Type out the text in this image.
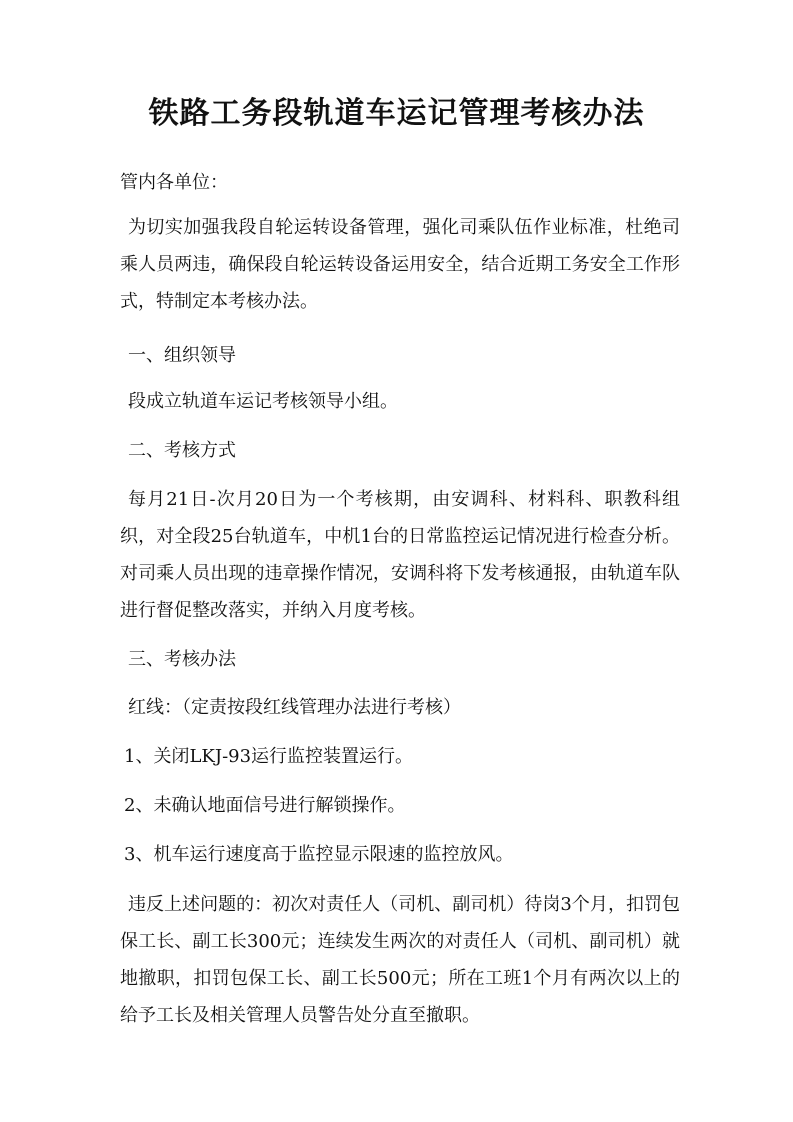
铁路工务段轨道车运记管理考核办法

管内各单位：

为切实加强我段自轮运转设备管理，强化司乘队伍作业标准，杜绝司乘人员两违，确保段自轮运转设备运用安全，结合近期工务安全工作形式，特制定本考核办法。

一、组织领导

段成立轨道车运记考核领导小组。

二、考核方式

每月21日-次月20日为一个考核期，由安调科、材料科、职教科组织，对全段25台轨道车，中机1台的日常监控运记情况进行检查分析。对司乘人员出现的违章操作情况，安调科将下发考核通报，由轨道车队进行督促整改落实，并纳入月度考核。

三、考核办法

红线：（定责按段红线管理办法进行考核）

1、关闭LKJ-93运行监控装置运行。

2、未确认地面信号进行解锁操作。

3、机车运行速度高于监控显示限速的监控放风。

违反上述问题的：初次对责任人（司机、副司机）待岗3个月，扣罚包保工长、副工长300元；连续发生两次的对责任人（司机、副司机）就地撤职，扣罚包保工长、副工长500元；所在工班1个月有两次以上的给予工长及相关管理人员警告处分直至撤职。
